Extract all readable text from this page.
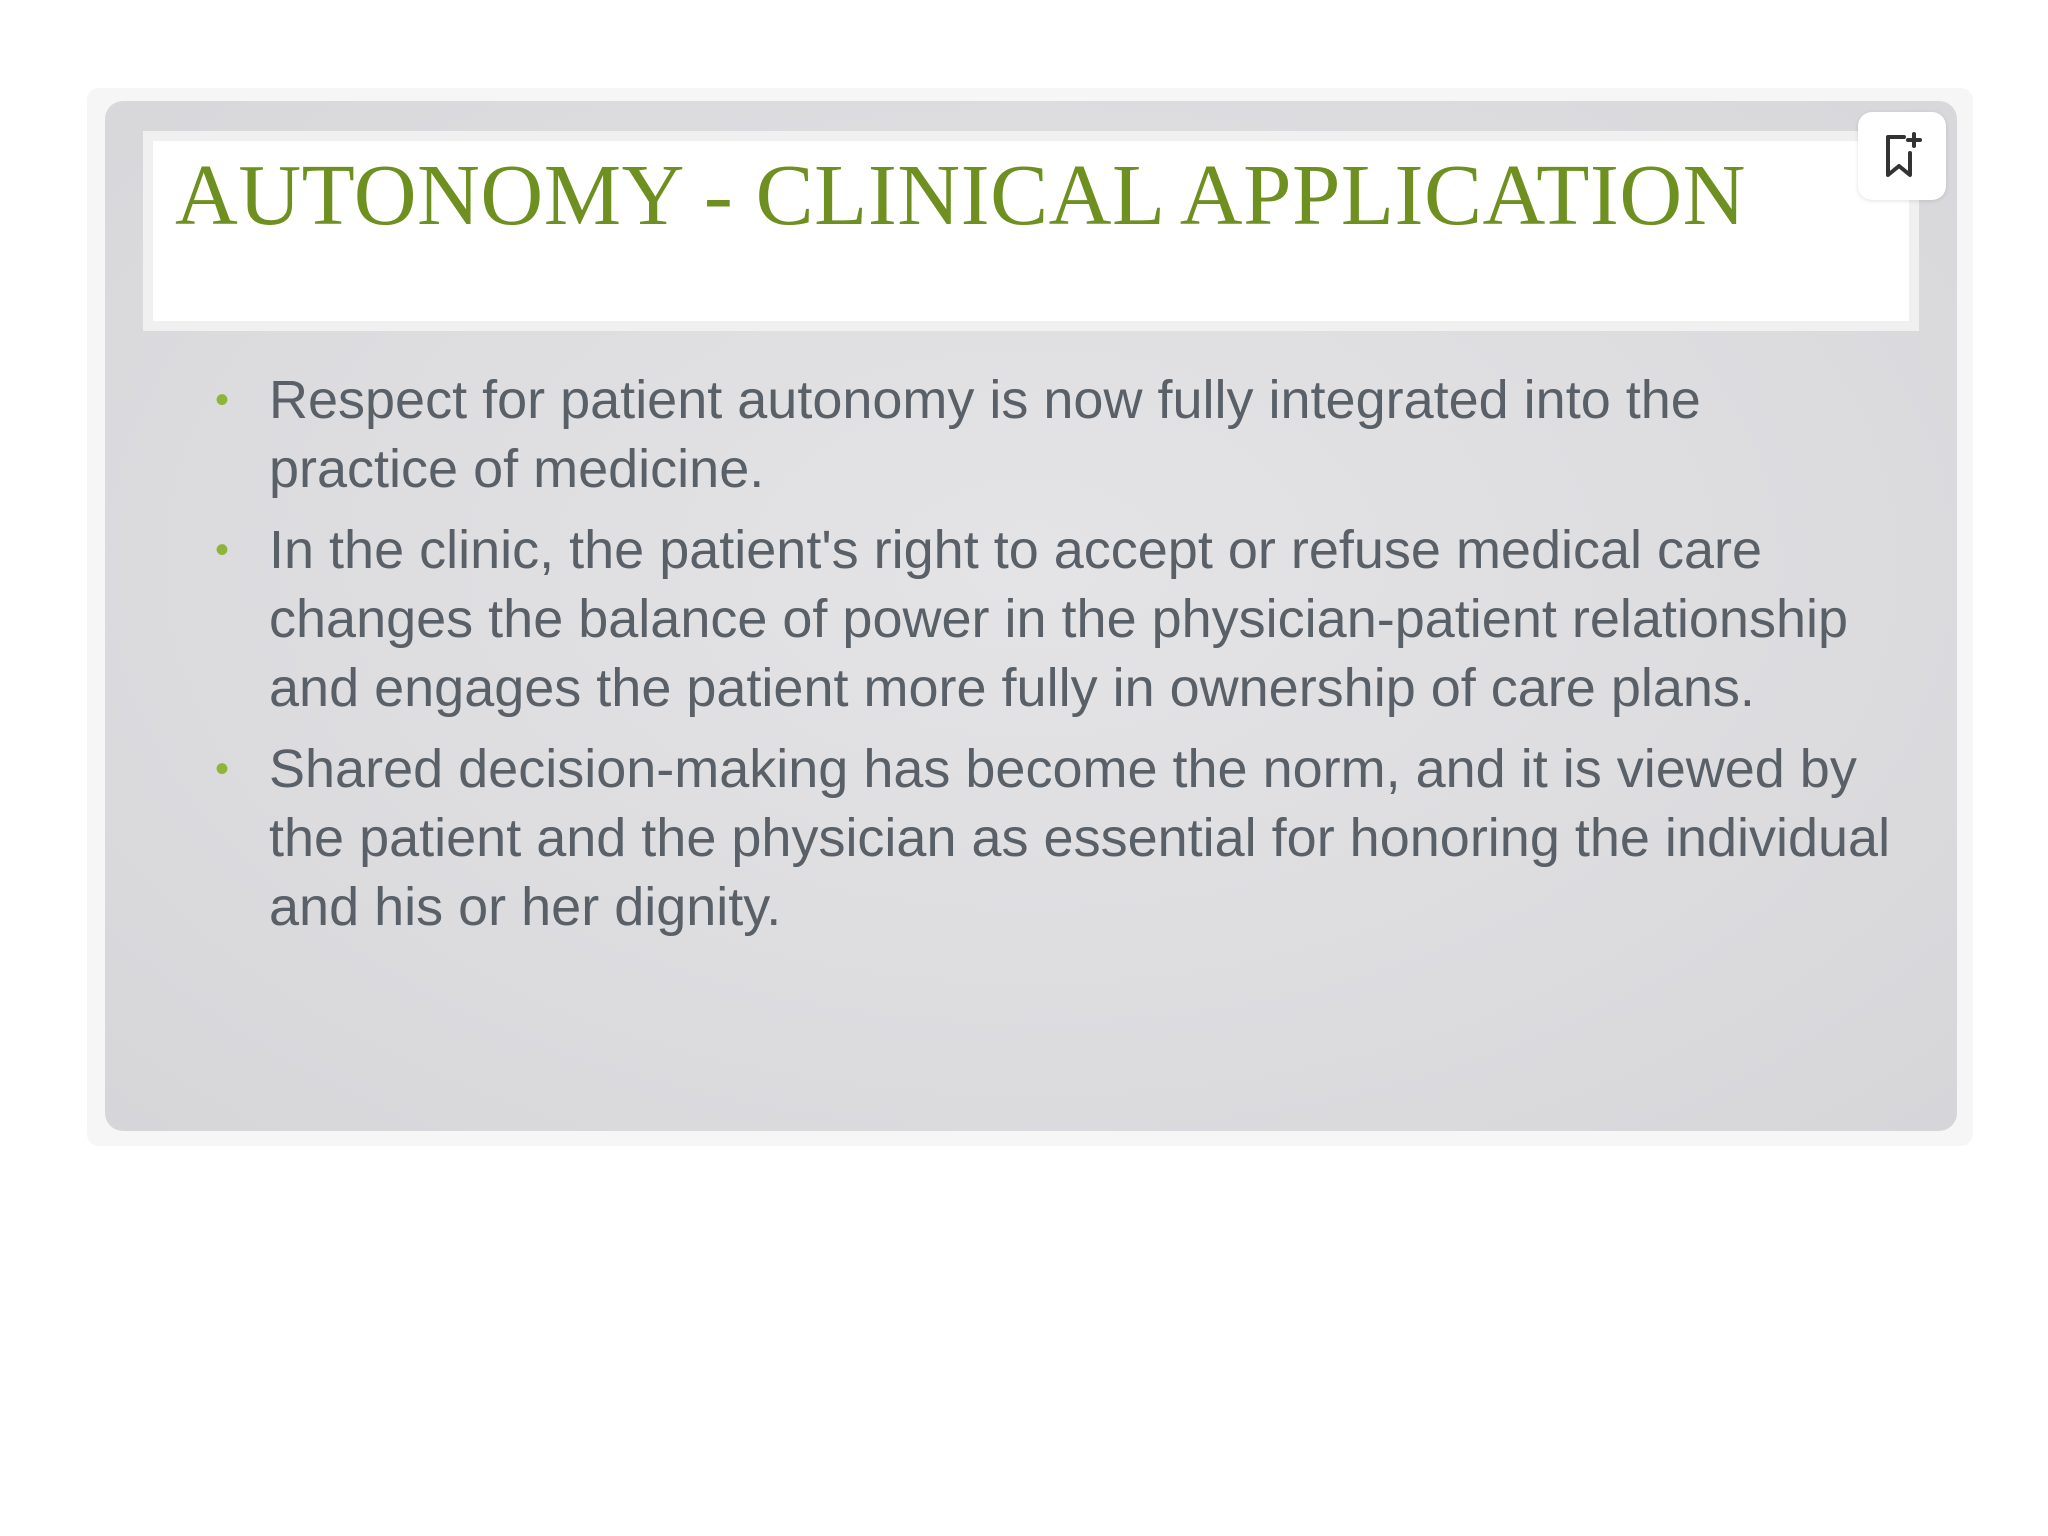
AUTONOMY - CLINICAL APPLICATION
• Respect for patient autonomy is now fully integrated into the practice of medicine.
• In the clinic, the patient's right to accept or refuse medical care changes the balance of power in the physician-patient relationship and engages the patient more fully in ownership of care plans.
• Shared decision-making has become the norm, and it is viewed by the patient and the physician as essential for honoring the individual and his or her dignity.
